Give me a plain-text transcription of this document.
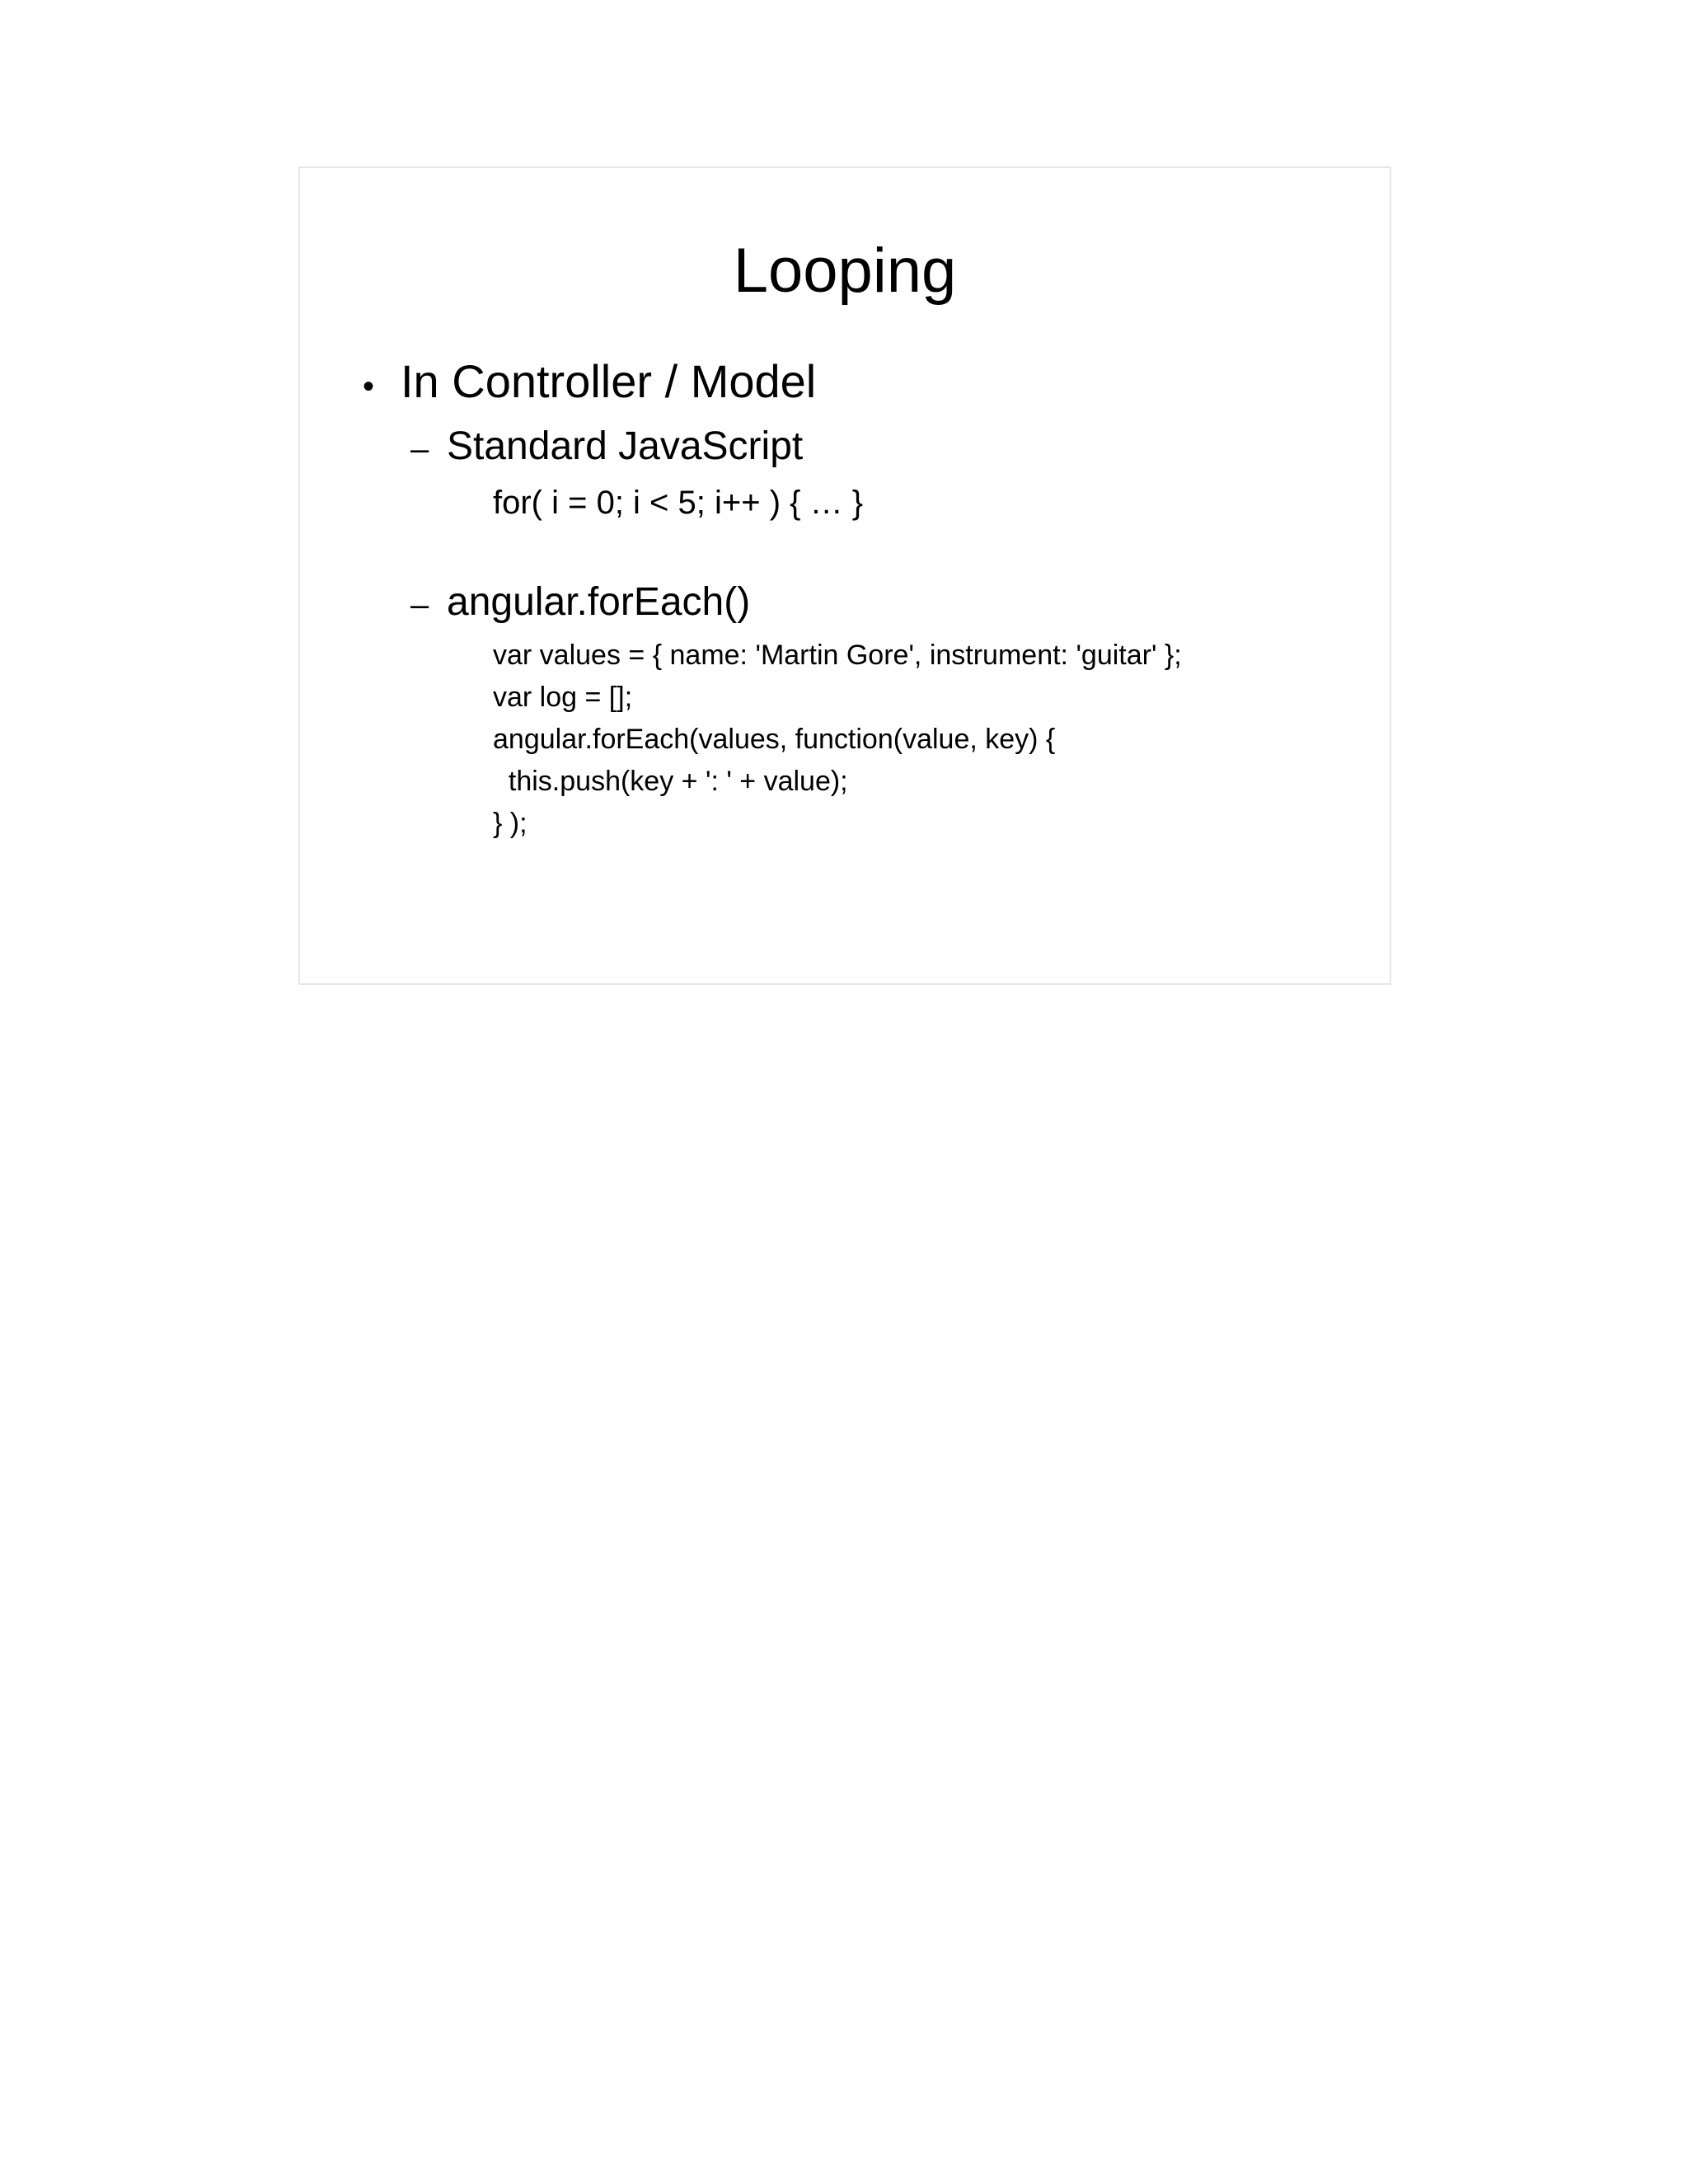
Looping
• In Controller / Model

– Standard JavaScript

for( i = 0; i < 5; i++ ) { … }

– angular.forEach()

var values = { name: 'Martin Gore', instrument: 'guitar' };

var log = [];

angular.forEach(values, function(value, key) {

this.push(key + ': ' + value);

} );
